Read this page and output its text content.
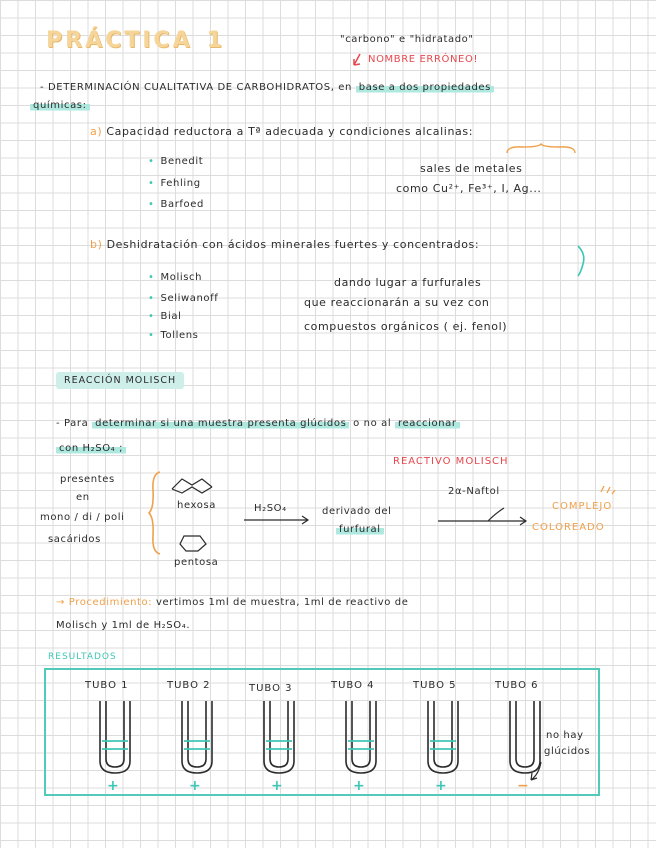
PRÁCTICA 1	"carbono" e "hidratado"
NOMBRE ERRÓNEO!
- DETERMINACIÓN CUALITATIVA DE CARBOHIDRATOS, en base a dos propiedades
químicas:
a) Capacidad reductora a Tª adecuada y condiciones alcalinas:
• Benedit
• Fehling
• Barfoed
sales de metales
como Cu²⁺, Fe³⁺, I, Ag...
b) Deshidratación con ácidos minerales fuertes y concentrados:
• Molisch
• Seliwanoff
• Bial
• Tollens
dando lugar a furfurales
que reaccionarán a su vez con
compuestos orgánicos ( ej. fenol)
REACCIÓN MOLISCH
- Para determinar si una muestra presenta glúcidos o no al reaccionar
con H₂SO₄ ;
REACTIVO MOLISCH
presentes
en
mono / di / poli
sacáridos
hexosa
pentosa
H₂SO₄	derivado del
furfural
2α-Naftol
COMPLEJO
COLOREADO
→ Procedimiento: vertimos 1ml de muestra, 1ml de reactivo de
Molisch y 1ml de H₂SO₄.
RESULTADOS
TUBO 1
+
TUBO 2
+
TUBO 3
+
TUBO 4
+
TUBO 5
+
TUBO 6
−
no hay
glúcidos
